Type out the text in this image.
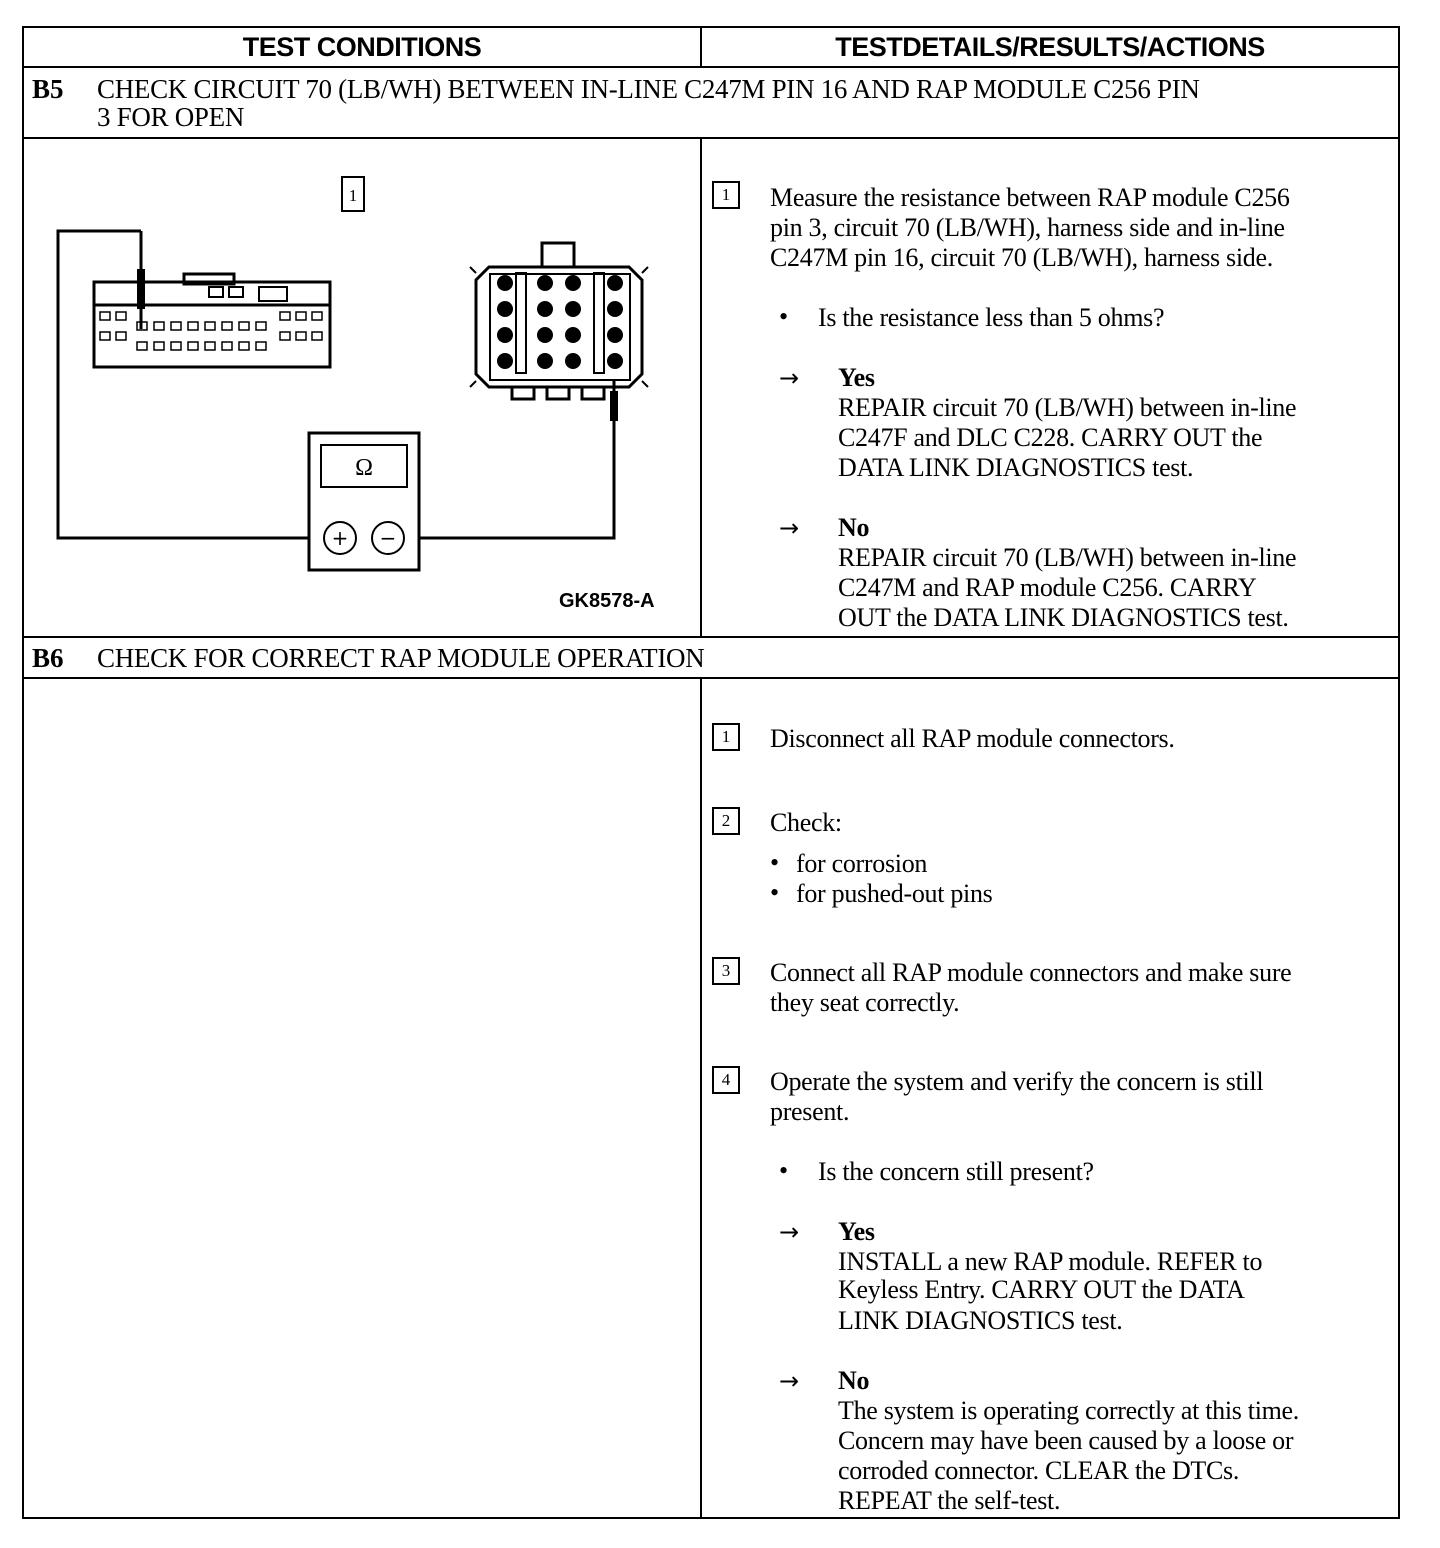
TEST CONDITIONS	TESTDETAILS/RESULTS/ACTIONS
B5 CHECK CIRCUIT 70 (LB/WH) BETWEEN IN-LINE C247M PIN 16 AND RAP MODULE C256 PIN
3 FOR OPEN
1
Ω
+ −
GK8578-A
1	Measure the resistance between RAP module C256
pin 3, circuit 70 (LB/WH), harness side and in-line
C247M pin 16, circuit 70 (LB/WH), harness side.
• Is the resistance less than 5 ohms?
→ Yes
REPAIR circuit 70 (LB/WH) between in-line
C247F and DLC C228. CARRY OUT the
DATA LINK DIAGNOSTICS test.
→ No
REPAIR circuit 70 (LB/WH) between in-line
C247M and RAP module C256. CARRY
OUT the DATA LINK DIAGNOSTICS test.
B6 CHECK FOR CORRECT RAP MODULE OPERATION
1	Disconnect all RAP module connectors.
2	Check:
• for corrosion
• for pushed-out pins
3	Connect all RAP module connectors and make sure
they seat correctly.
4	Operate the system and verify the concern is still
present.
• Is the concern still present?
→ Yes
INSTALL a new RAP module. REFER to
Keyless Entry. CARRY OUT the DATA
LINK DIAGNOSTICS test.
→ No
The system is operating correctly at this time.
Concern may have been caused by a loose or
corroded connector. CLEAR the DTCs.
REPEAT the self-test.
